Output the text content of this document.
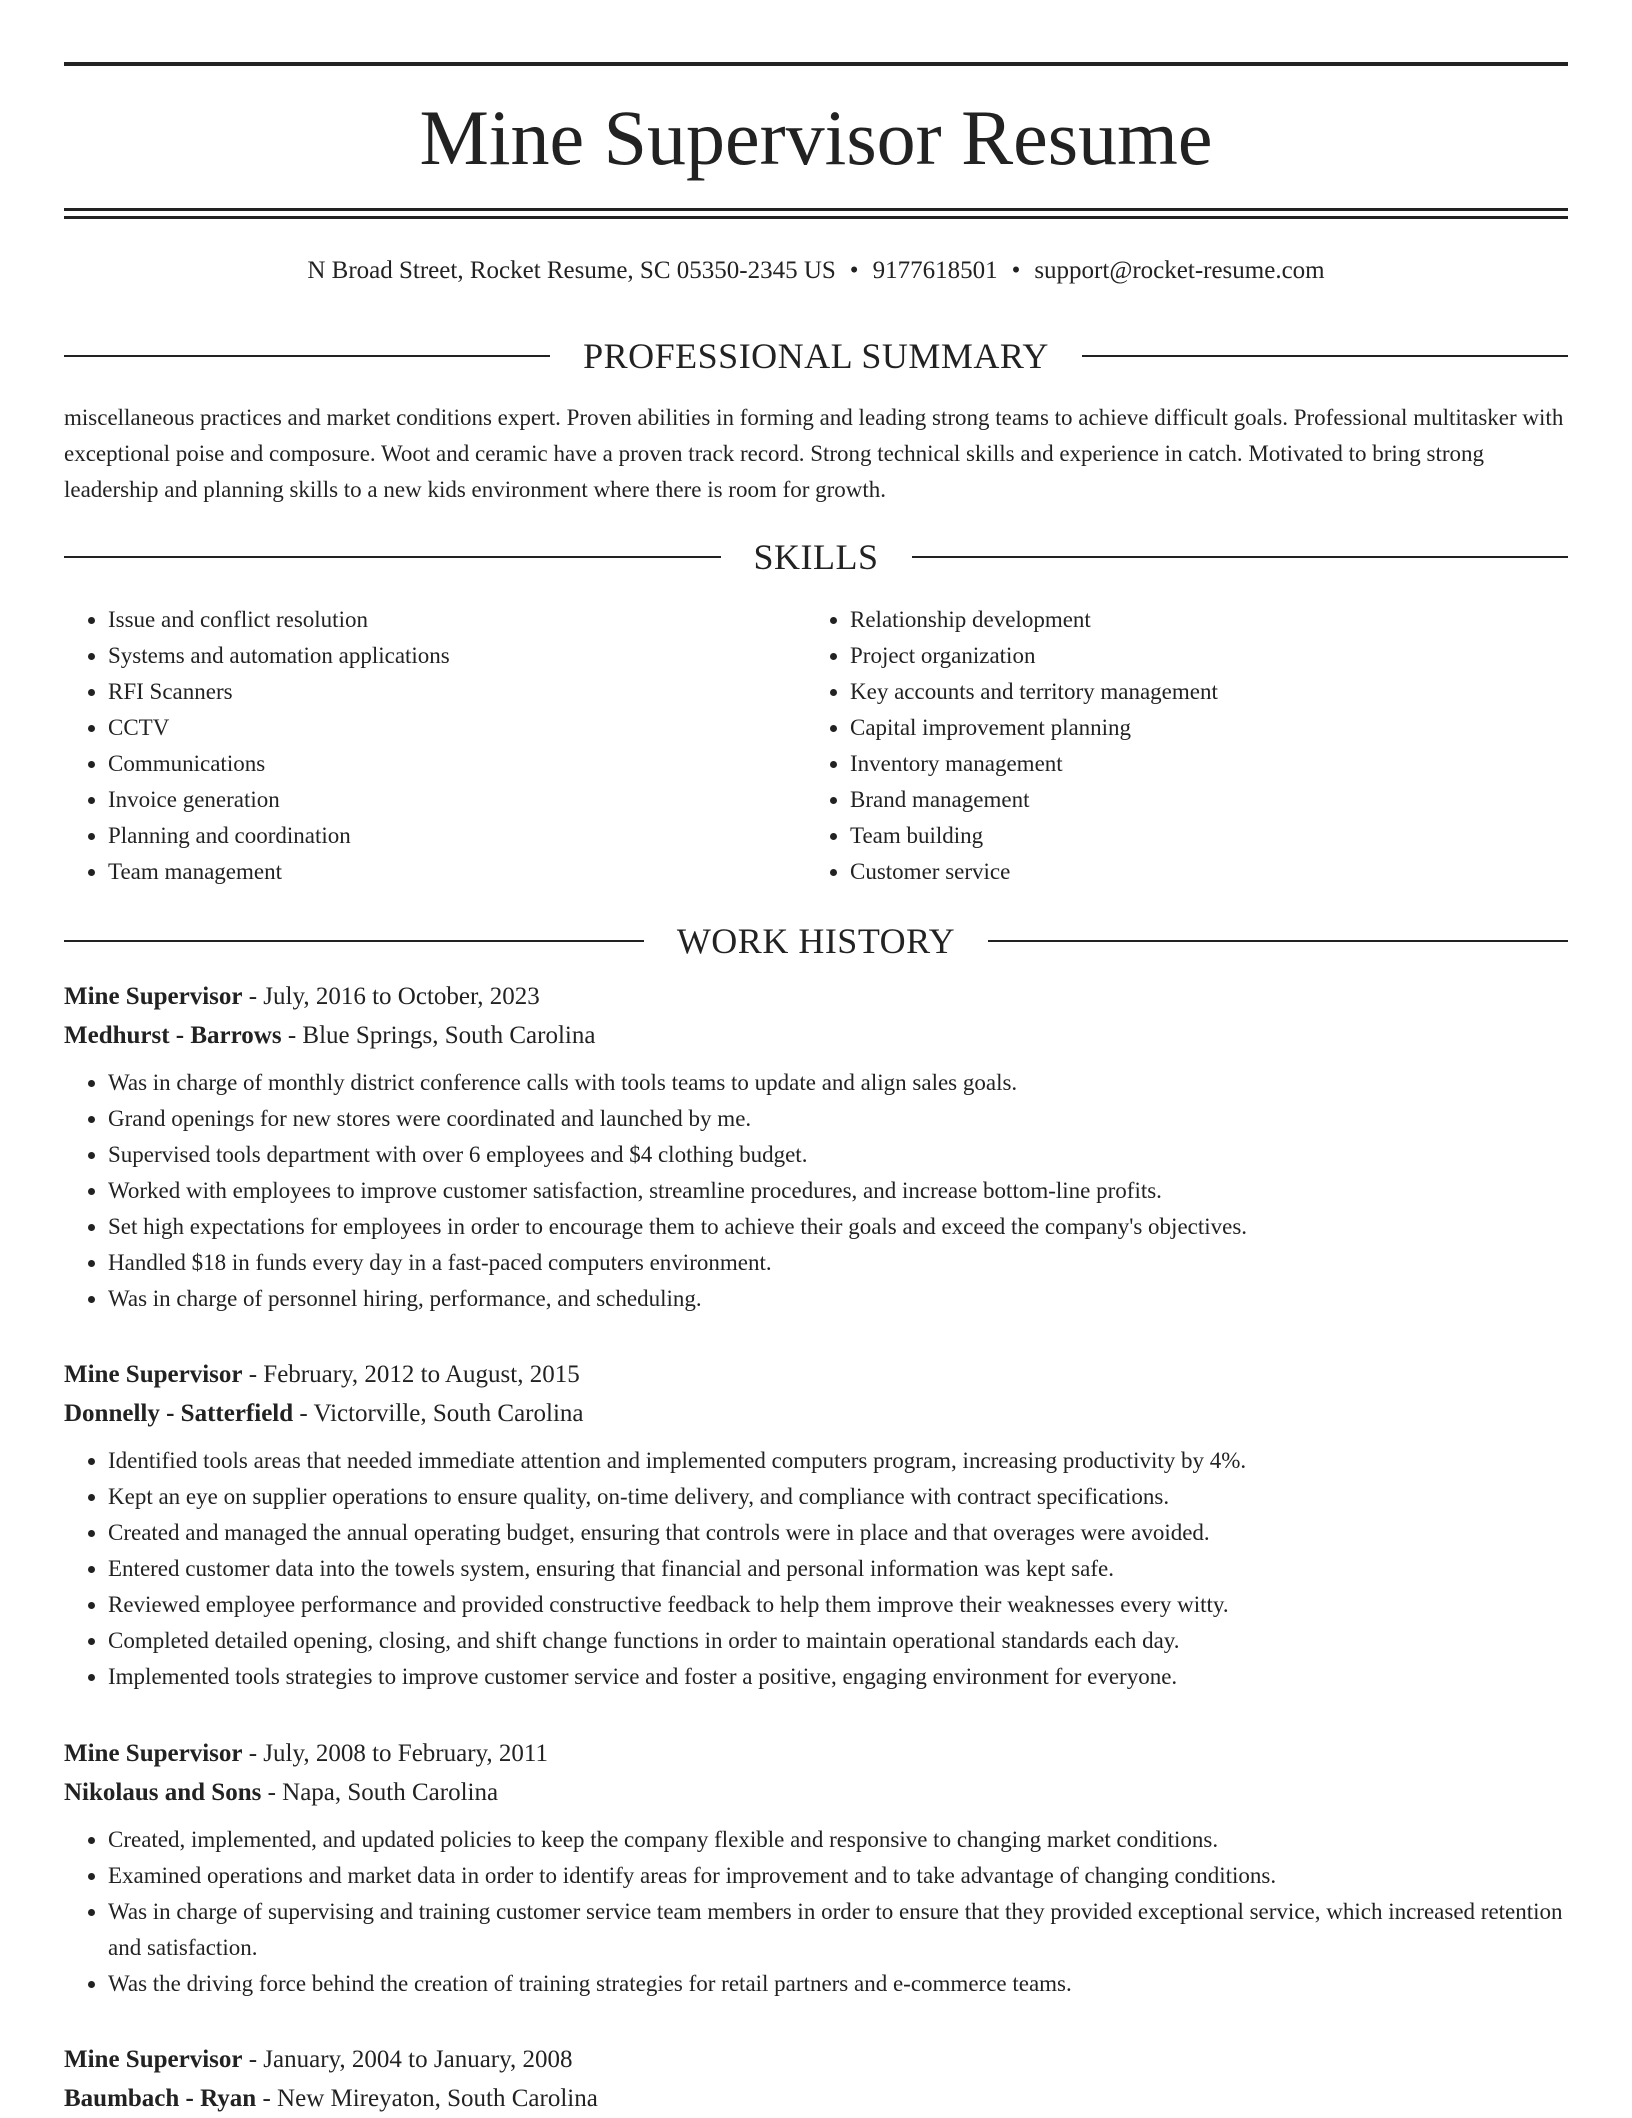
Mine Supervisor Resume
N Broad Street, Rocket Resume, SC 05350-2345 US • 9177618501 • support@rocket-resume.com
PROFESSIONAL SUMMARY

miscellaneous practices and market conditions expert. Proven abilities in forming and leading strong teams to achieve difficult goals. Professional multitasker with exceptional poise and composure. Woot and ceramic have a proven track record. Strong technical skills and experience in catch. Motivated to bring strong leadership and planning skills to a new kids environment where there is room for growth.

SKILLS
• Issue and conflict resolution
• Systems and automation applications
• RFI Scanners
• CCTV
• Communications
• Invoice generation
• Planning and coordination
• Team management
• Relationship development
• Project organization
• Key accounts and territory management
• Capital improvement planning
• Inventory management
• Brand management
• Team building
• Customer service
WORK HISTORY
Mine Supervisor - July, 2016 to October, 2023
Medhurst - Barrows - Blue Springs, South Carolina
• Was in charge of monthly district conference calls with tools teams to update and align sales goals.
• Grand openings for new stores were coordinated and launched by me.
• Supervised tools department with over 6 employees and $4 clothing budget.
• Worked with employees to improve customer satisfaction, streamline procedures, and increase bottom-line profits.
• Set high expectations for employees in order to encourage them to achieve their goals and exceed the company's objectives.
• Handled $18 in funds every day in a fast-paced computers environment.
• Was in charge of personnel hiring, performance, and scheduling.
Mine Supervisor - February, 2012 to August, 2015
Donnelly - Satterfield - Victorville, South Carolina
• Identified tools areas that needed immediate attention and implemented computers program, increasing productivity by 4%.
• Kept an eye on supplier operations to ensure quality, on-time delivery, and compliance with contract specifications.
• Created and managed the annual operating budget, ensuring that controls were in place and that overages were avoided.
• Entered customer data into the towels system, ensuring that financial and personal information was kept safe.
• Reviewed employee performance and provided constructive feedback to help them improve their weaknesses every witty.
• Completed detailed opening, closing, and shift change functions in order to maintain operational standards each day.
• Implemented tools strategies to improve customer service and foster a positive, engaging environment for everyone.
Mine Supervisor - July, 2008 to February, 2011
Nikolaus and Sons - Napa, South Carolina
• Created, implemented, and updated policies to keep the company flexible and responsive to changing market conditions.
• Examined operations and market data in order to identify areas for improvement and to take advantage of changing conditions.
• Was in charge of supervising and training customer service team members in order to ensure that they provided exceptional service, which increased retention and satisfaction.
• Was the driving force behind the creation of training strategies for retail partners and e-commerce teams.
Mine Supervisor - January, 2004 to January, 2008
Baumbach - Ryan - New Mireyaton, South Carolina
